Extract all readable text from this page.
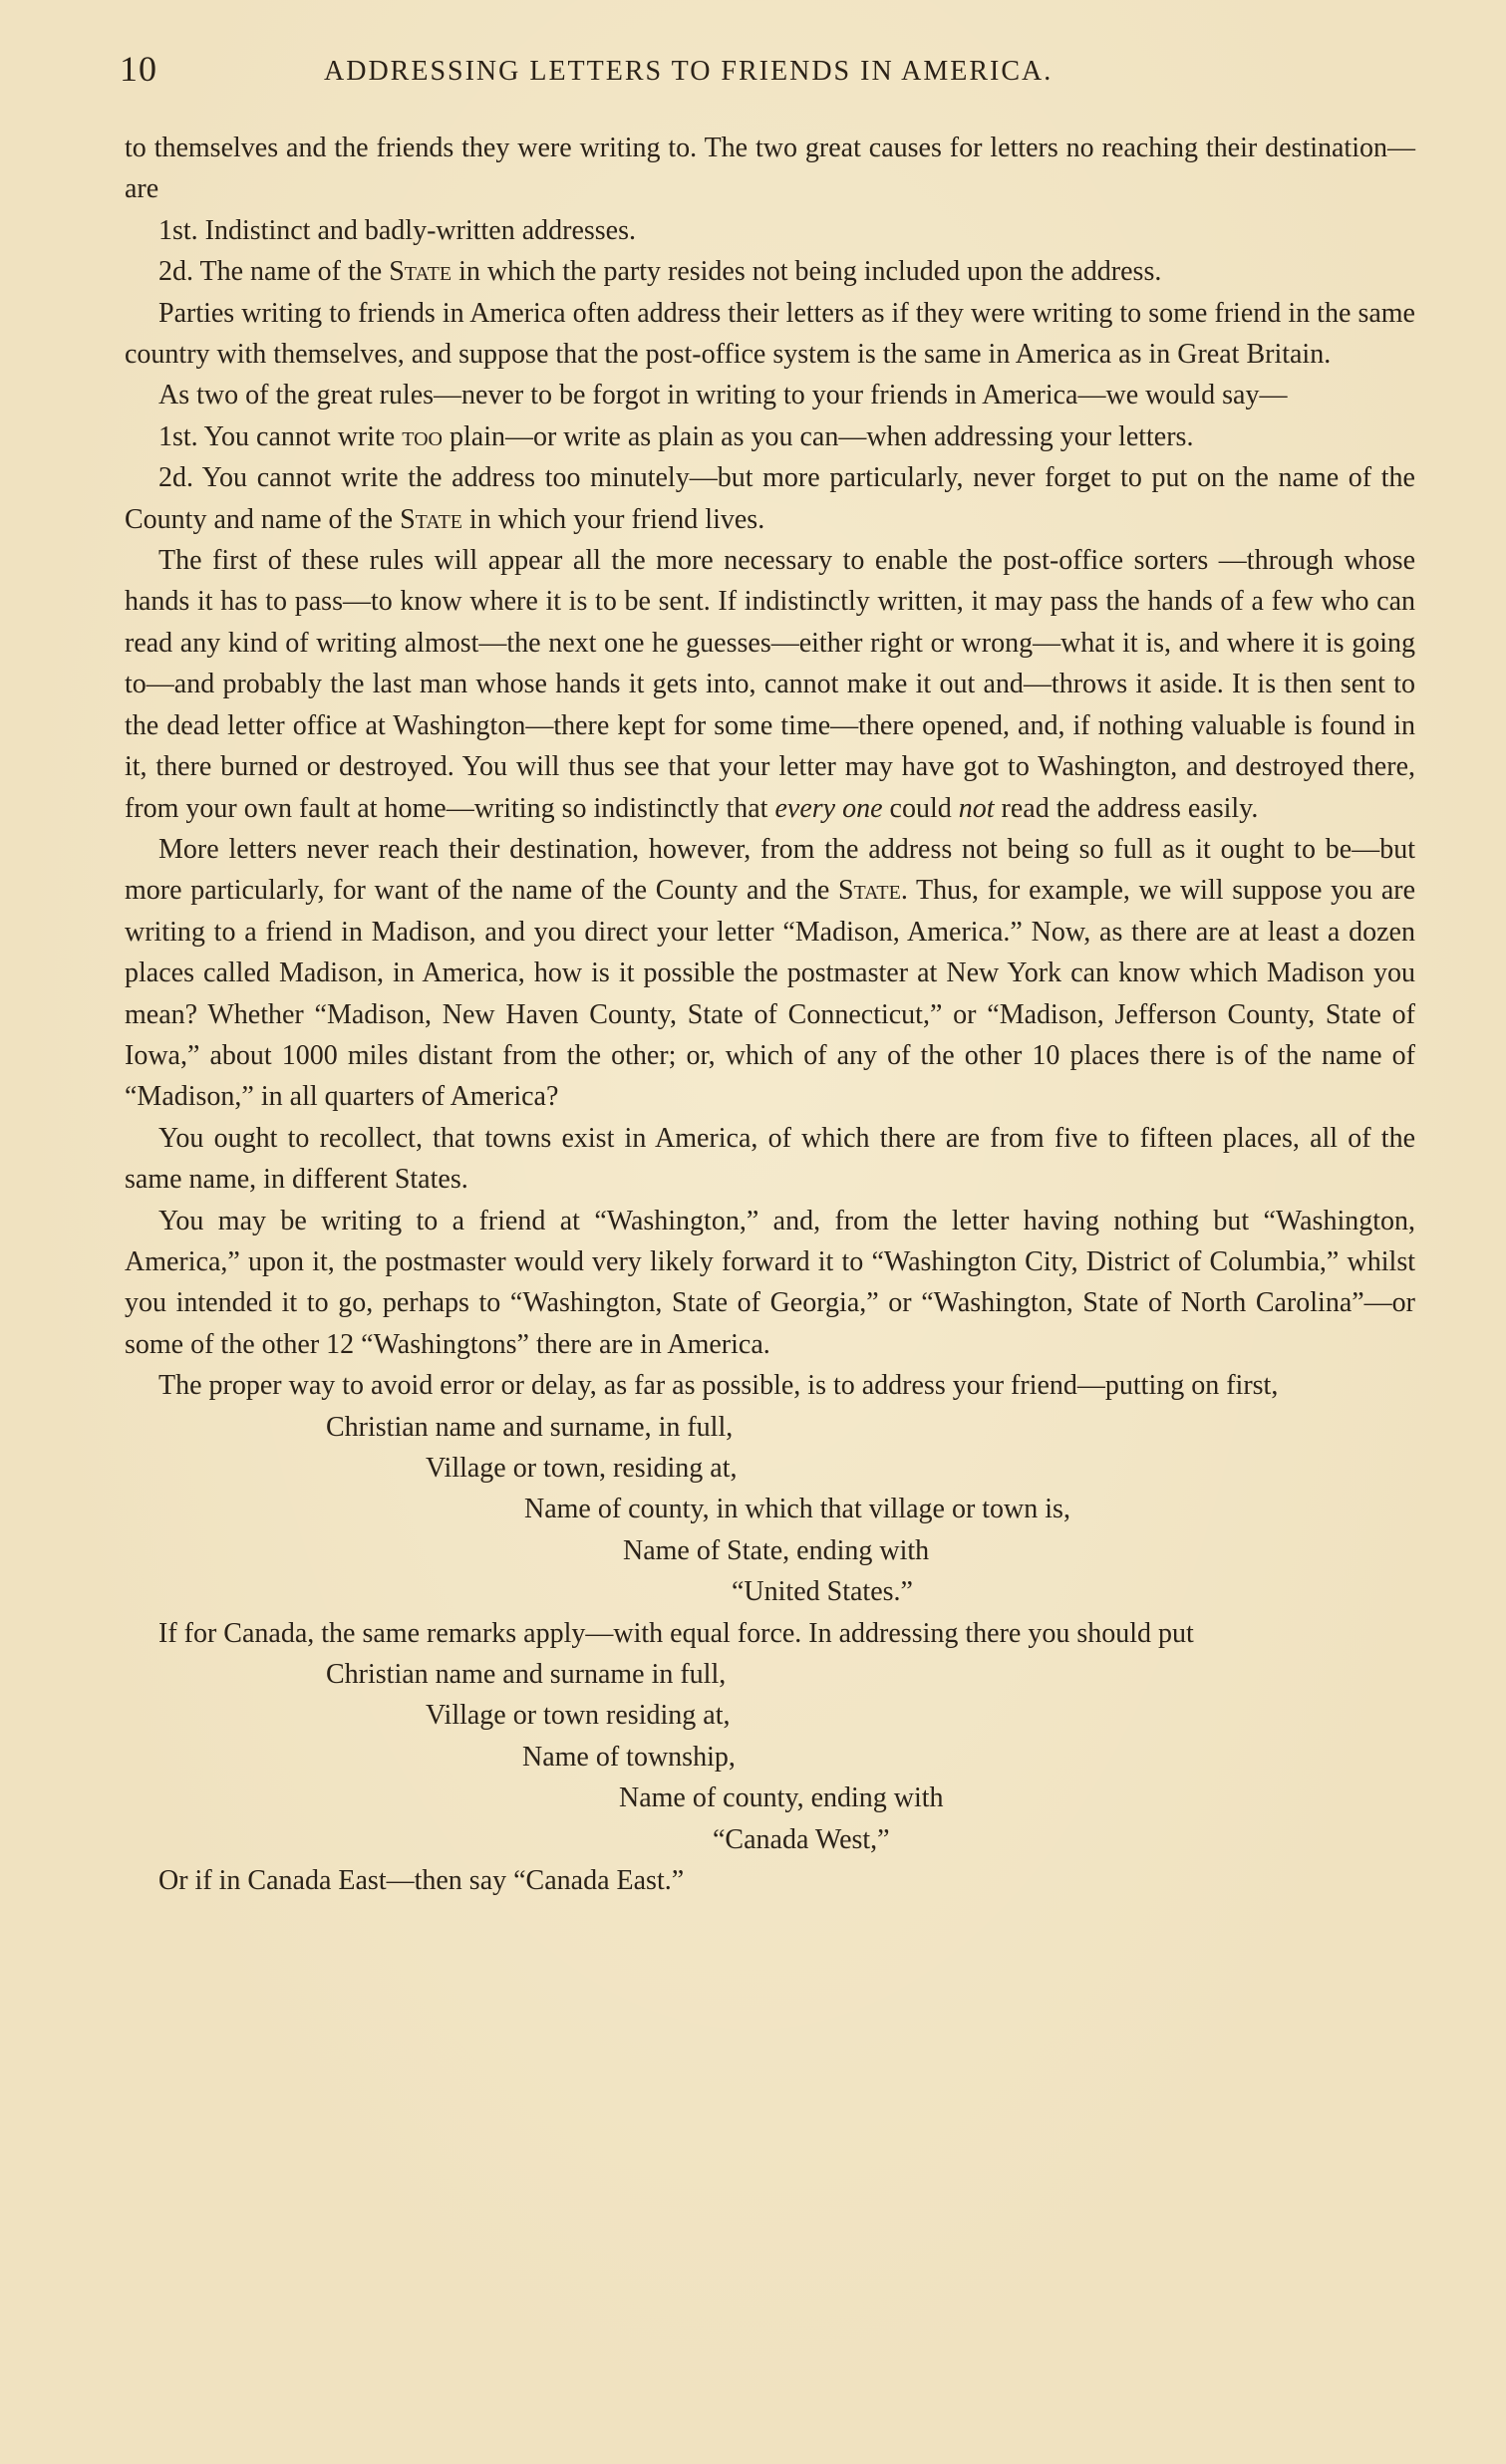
10	ADDRESSING LETTERS TO FRIENDS IN AMERICA.

to themselves and the friends they were writing to. The two great causes for letters no reaching their destination—are

1st. Indistinct and badly-written addresses.

2d. The name of the State in which the party resides not being included upon the address.

Parties writing to friends in America often address their letters as if they were writing to some friend in the same country with themselves, and suppose that the post-office system is the same in America as in Great Britain.

As two of the great rules—never to be forgot in writing to your friends in America—we would say—

1st. You cannot write too plain—or write as plain as you can—when addressing your letters.

2d. You cannot write the address too minutely—but more particularly, never forget to put on the name of the County and name of the State in which your friend lives.

The first of these rules will appear all the more necessary to enable the post-office sorters —through whose hands it has to pass—to know where it is to be sent. If indistinctly written, it may pass the hands of a few who can read any kind of writing almost—the next one he guesses—either right or wrong—what it is, and where it is going to—and probably the last man whose hands it gets into, cannot make it out and—throws it aside. It is then sent to the dead letter office at Washington—there kept for some time—there opened, and, if nothing valuable is found in it, there burned or destroyed. You will thus see that your letter may have got to Washington, and destroyed there, from your own fault at home—writing so indistinctly that every one could not read the address easily.

More letters never reach their destination, however, from the address not being so full as it ought to be—but more particularly, for want of the name of the County and the State. Thus, for example, we will suppose you are writing to a friend in Madison, and you direct your letter “Madison, America.” Now, as there are at least a dozen places called Madison, in America, how is it possible the postmaster at New York can know which Madison you mean? Whether “Madison, New Haven County, State of Connecticut,” or “Madison, Jefferson County, State of Iowa,” about 1000 miles distant from the other; or, which of any of the other 10 places there is of the name of “Madison,” in all quarters of America?

You ought to recollect, that towns exist in America, of which there are from five to fifteen places, all of the same name, in different States.

You may be writing to a friend at “Washington,” and, from the letter having nothing but “Washington, America,” upon it, the postmaster would very likely forward it to “Washington City, District of Columbia,” whilst you intended it to go, perhaps to “Washington, State of Georgia,” or “Washington, State of North Carolina”—or some of the other 12 “Washingtons” there are in America.

The proper way to avoid error or delay, as far as possible, is to address your friend—putting on first,

Christian name and surname, in full,
Village or town, residing at,
Name of county, in which that village or town is,
Name of State, ending with
“United States.”

If for Canada, the same remarks apply—with equal force. In addressing there you should put

Christian name and surname in full,
Village or town residing at,
Name of township,
Name of county, ending with
“Canada West,”

Or if in Canada East—then say “Canada East.”
